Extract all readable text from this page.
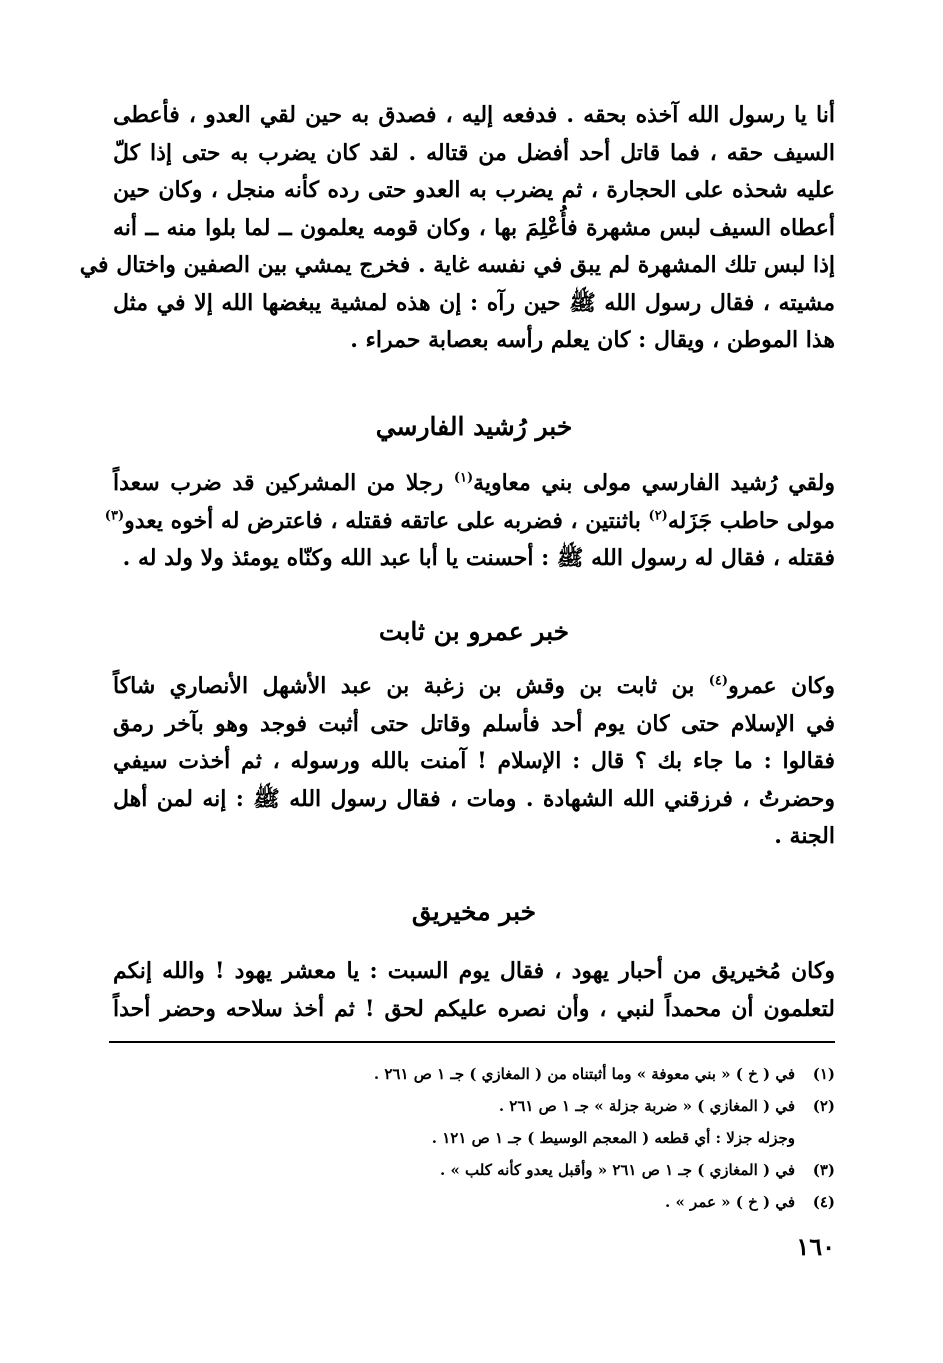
أنا يا رسول الله آخذه بحقه . فدفعه إليه ، فصدق به حين لقي العدو ، فأعطى
السيف حقه ، فما قاتل أحد أفضل من قتاله . لقد كان يضرب به حتى إذا كلّ
عليه شحذه على الحجارة ، ثم يضرب به العدو حتى رده كأنه منجل ، وكان حين
أعطاه السيف لبس مشهرة فأُعْلِمَ بها ، وكان قومه يعلمون ــ لما بلوا منه ــ أنه
إذا لبس تلك المشهرة لم يبق في نفسه غاية . فخرج يمشي بين الصفين واختال في
مشيته ، فقال رسول الله ﷺ حين رآه : إن هذه لمشية يبغضها الله إلا في مثل
هذا الموطن ، ويقال : كان يعلم رأسه بعصابة حمراء .
خبر رُشيد الفارسي
ولقي رُشيد الفارسي مولى بني معاوية$^{(١)}$ رجلا من المشركين قد ضرب سعداً
مولى حاطب جَزَله$^{(٢)}$ باثنتين ، فضربه على عاتقه فقتله ، فاعترض له أخوه يعدو$^{(٣)}$
فقتله ، فقال له رسول الله ﷺ : أحسنت يا أبا عبد الله وكنّاه يومئذ ولا ولد له .
خبر عمرو بن ثابت
وكان عمرو$^{(٤)}$ بن ثابت بن وقش بن زغبة بن عبد الأشهل الأنصاري شاكاً
في الإسلام حتى كان يوم أحد فأسلم وقاتل حتى أثبت فوجد وهو بآخر رمق
فقالوا : ما جاء بك ؟ قال : الإسلام ! آمنت بالله ورسوله ، ثم أخذت سيفي
وحضرتُ ، فرزقني الله الشهادة . ومات ، فقال رسول الله ﷺ : إنه لمن أهل
الجنة .
خبر مخيريق
وكان مُخيريق من أحبار يهود ، فقال يوم السبت : يا معشر يهود ! والله إنكم
لتعلمون أن محمداً لنبي ، وأن نصره عليكم لحق ! ثم أخذ سلاحه وحضر أحداً
(١)في ( خ ) « بني معوفة » وما أثبتناه من ( المغازي ) جـ ١ ص ٢٦١ .
(٢)في ( المغازي ) « ضربة جزلة » جـ ١ ص ٢٦١ .
وجزله جزلا : أي قطعه ( المعجم الوسيط ) جـ ١ ص ١٢١ .
(٣)في ( المغازي ) جـ ١ ص ٢٦١ « وأقبل يعدو كأنه كلب » .
(٤)في ( خ ) « عمر » .
١٦٠
